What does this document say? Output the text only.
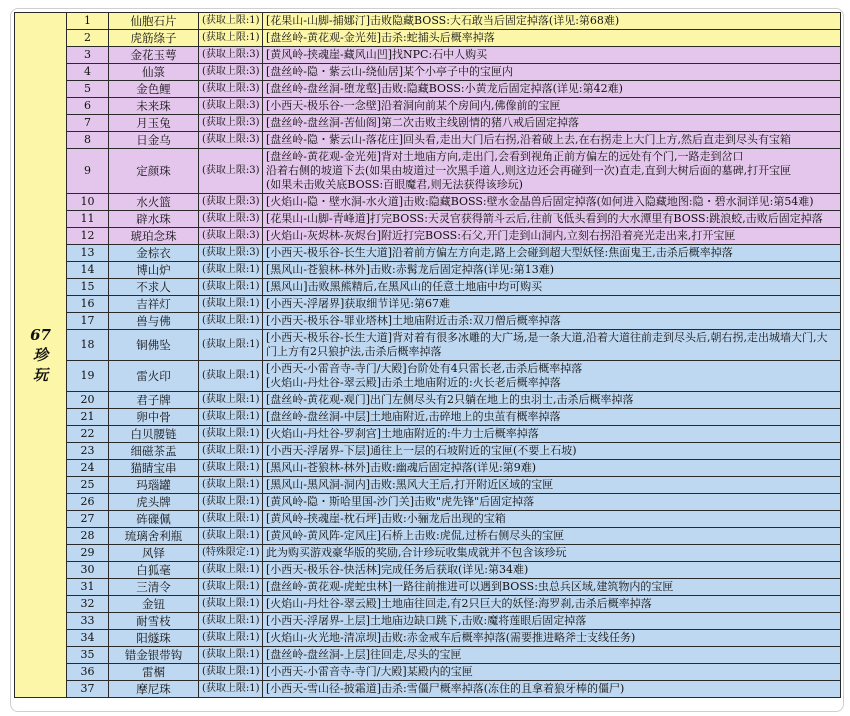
67
珍
玩	1	仙胞石片	(获取上限:1)	[花果山-山脚-捕娜汀]击败隐藏BOSS:大石敢当后固定掉落(详见:第68难)

	2	虎筋绦子	(获取上限:1)	[盘丝岭-黄花观-金光苑]击杀:蛇捕头后概率掉落

	3	金花玉萼	(获取上限:3)	[黄风岭-挟魂崖-藏风山凹]找NPC:石中人购买

	4	仙箓	(获取上限:3)	[盘丝岭-隐・紫云山-绕仙居]某个小亭子中的宝匣内

	5	金色鲤	(获取上限:3)	[盘丝岭-盘丝洞-堕龙壑]击败:隐藏BOSS:小黄龙后固定掉落(详见:第42难)

	6	未来珠	(获取上限:3)	[小西天-极乐谷-一念壁]沿着洞向前某个房间内,佛像前的宝匣

	7	月玉兔	(获取上限:3)	[盘丝岭-盘丝洞-苦仙阁]第二次击败主线剧情的猪八戒后固定掉落

	8	日金乌	(获取上限:3)	[盘丝岭-隐・紫云山-落花庄]回头看,走出大门后右拐,沿着破上去,在右拐走上大门上方,然后直走到尽头有宝箱

	9	定颜珠	(获取上限:3)	[盘丝岭-黄花观-金光苑]背对土地庙方向,走出门,会看到视角正前方偏左的远处有个门,一路走到岔口
沿着右侧的坡道下去(如果由坡道过一次黑手道人,则这边还会再碰到一次)直走,直到大树后面的墓碑,打开宝匣
(如果未击败关底BOSS:百眼魔君,则无法获得该珍玩)

	10	水火篮	(获取上限:3)	[火焰山-隐・壁水洞-水火道]击败:隐藏BOSS:壁水金晶兽后固定掉落(如何进入隐藏地图:隐・碧水洞详见:第54难)

	11	辟水珠	(获取上限:3)	[花果山-山脚-青峰道]打完BOSS:天灵官获得箭斗云后,往前飞低头看到的大水潭里有BOSS:跳浪蛟,击败后固定掉落

	12	琥珀念珠	(获取上限:3)	[火焰山-灰烬林-灰烬台]附近打完BOSS:石父,开门走到山洞内,立刻右拐沿着亮光走出来,打开宝匣

	13	金棕衣	(获取上限:3)	[小西天-极乐谷-长生大道]沿着前方偏左方向走,路上会碰到超大型妖怪:焦面鬼王,击杀后概率掉落

	14	博山炉	(获取上限:1)	[黑风山-苍狼林-林外]击败:赤髯龙后固定掉落(详见:第13难)

	15	不求人	(获取上限:1)	[黑风山]击败黑熊精后,在黑风山的任意土地庙中均可购买

	16	吉祥灯	(获取上限:1)	[小西天-浮屠界]获取细节详见:第67难

	17	兽与佛	(获取上限:1)	[小西天-极乐谷-罪业塔林]土地庙附近击杀:双刀僧后概率掉落

	18	铜佛坠	(获取上限:1)	[小西天-极乐谷-长生大道]背对着有很多冰雕的大广场,是一条大道,沿着大道往前走到尽头后,朝右拐,走出城墙大门,大
门上方有2只狼护法,击杀后概率掉落

	19	雷火印	(获取上限:1)	[小西天-小雷音寺-寺门/大殿]台阶处有4只雷长老,击杀后概率掉落
[火焰山-丹灶谷-翠云殿]击杀土地庙附近的:火长老后概率掉落

	20	君子牌	(获取上限:1)	[盘丝岭-黄花观-观门]出门左侧尽头有2只躺在地上的虫羽士,击杀后概率掉落

	21	卵中骨	(获取上限:1)	[盘丝岭-盘丝洞-中层]土地庙附近,击碎地上的虫茧有概率掉落

	22	白贝腰链	(获取上限:1)	[火焰山-丹灶谷-罗刹宫]土地庙附近的:牛力士后概率掉落

	23	细磁茶盂	(获取上限:1)	[小西天-浮屠界-下层]通往上一层的石坡附近的宝匣(不要上石坡)

	24	猫睛宝串	(获取上限:1)	[黑风山-苍狼林-林外]击败:幽魂后固定掉落(详见:第9难)

	25	玛瑙罐	(获取上限:1)	[黑风山-黑风洞-洞内]击败:黑风大王后,打开附近区域的宝匣

	26	虎头牌	(获取上限:1)	[黄风岭-隐・斯哈里国-沙门关]击败"虎先锋"后固定掉落

	27	砗磲佩	(获取上限:1)	[黄风岭-挟魂崖-枕石坪]击败:小骊龙后出现的宝箱

	28	琉璃舍利瓶	(获取上限:1)	[黄风岭-黄风阵-定风庄]石桥上击败:虎侃,过桥右侧尽头的宝匣

	29	风铎	(特殊限定:1)	此为购买游戏豪华版的奖励,合计珍玩收集成就并不包含该珍玩

	30	白狐毫	(获取上限:1)	[小西天-极乐谷-快活林]完成任务后获取(详见:第34难)

	31	三清令	(获取上限:1)	[盘丝岭-黄花观-虎蛇虫林]一路往前推进可以遇到BOSS:虫总兵区域,建筑物内的宝匣

	32	金钮	(获取上限:1)	[火焰山-丹灶谷-翠云殿]土地庙往回走,有2只巨大的妖怪:海罗刹,击杀后概率掉落

	33	耐雪枝	(获取上限:1)	[小西天-浮屠界-上层]土地庙边缺口跳下,击败:魔将莲眼后固定掉落

	34	阳燧珠	(获取上限:1)	[火焰山-火光地-清凉坝]击败:赤金戒车后概率掉落(需要推进略斧士支线任务)

	35	错金银带钩	(获取上限:1)	[盘丝岭-盘丝洞-上层]往回走,尽头的宝匣

	36	雷榍	(获取上限:1)	[小西天-小雷音寺-寺门/大殿]某殿内的宝匣

	37	摩尼珠	(获取上限:1)	[小西天-雪山径-披霜道]击杀:雪僵尸概率掉落(冻住的且拿着狼牙棒的僵尸)
